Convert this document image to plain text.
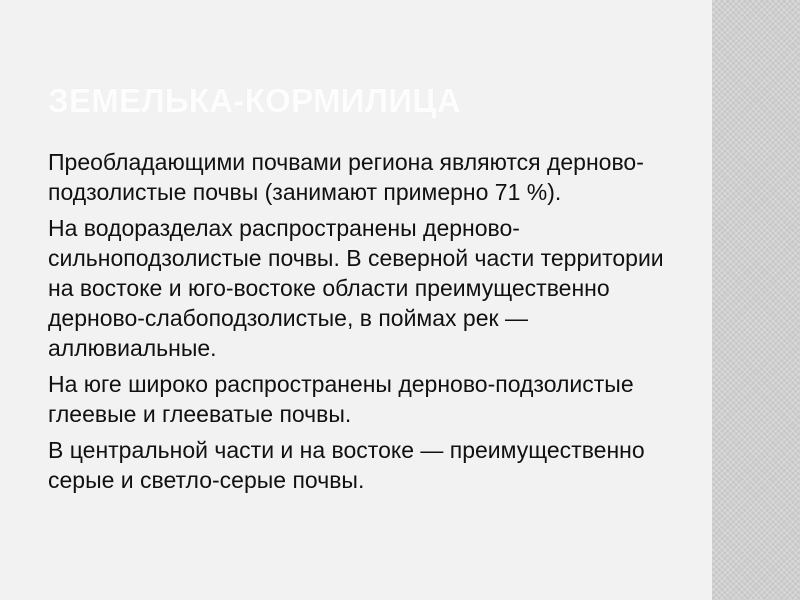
ЗЕМЕЛЬКА-КОРМИЛИЦА

Преобладающими почвами региона являются дерново-подзолистые почвы (занимают примерно 71 %).

На водоразделах распространены дерново-сильноподзолистые почвы. В северной части территории на востоке и юго-востоке области преимущественно дерново-слабоподзолистые, в поймах рек — аллювиальные.

На юге широко распространены дерново-подзолистые глеевые и глееватые почвы.

В центральной части и на востоке — преимущественно серые и светло-серые почвы.
